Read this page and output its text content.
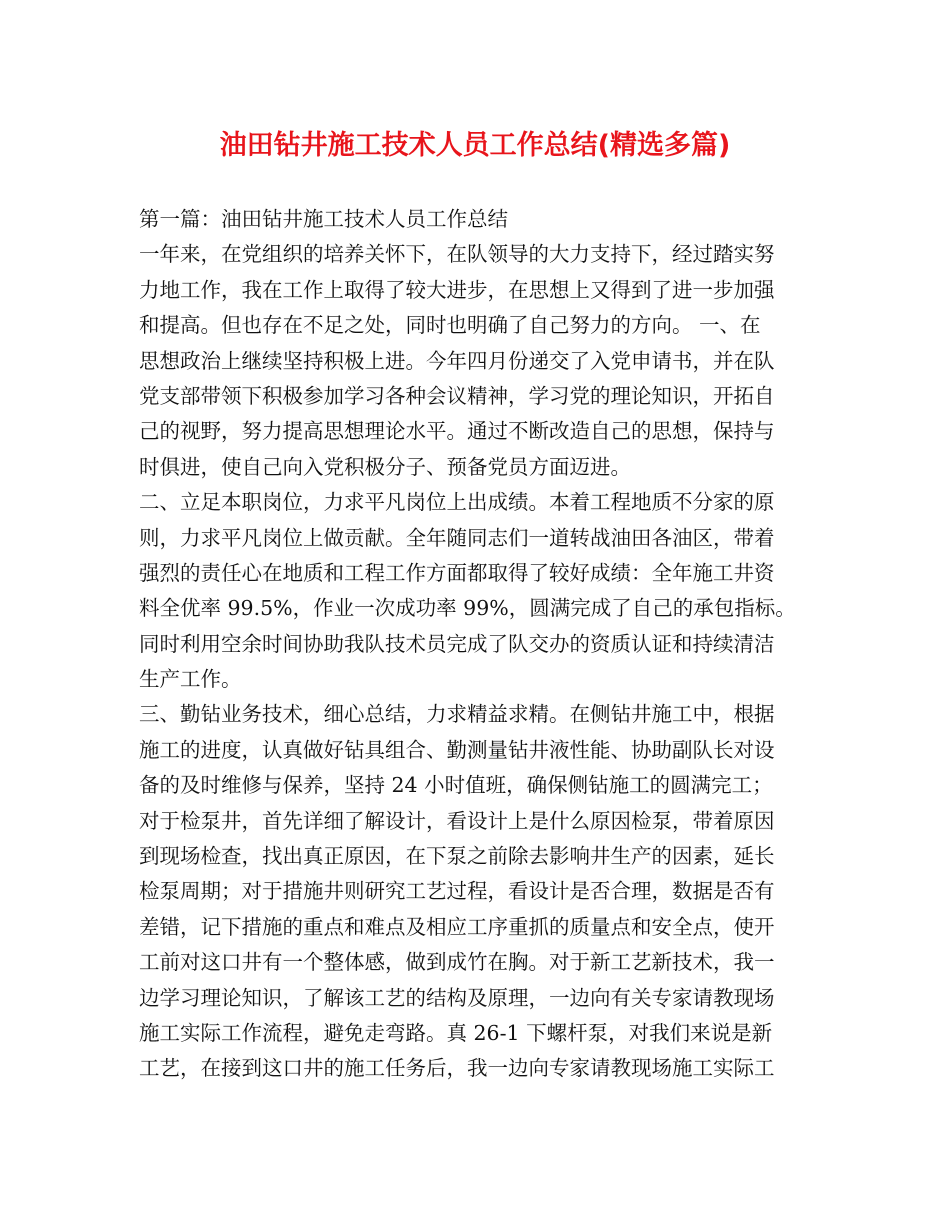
油田钻井施工技术人员工作总结(精选多篇)
第一篇：油田钻井施工技术人员工作总结
一年来，在党组织的培养关怀下，在队领导的大力支持下，经过踏实努
力地工作，我在工作上取得了较大进步，在思想上又得到了进一步加强
和提高。但也存在不足之处，同时也明确了自己努力的方向。 一、在
思想政治上继续坚持积极上进。今年四月份递交了入党申请书，并在队
党支部带领下积极参加学习各种会议精神，学习党的理论知识，开拓自
己的视野，努力提高思想理论水平。通过不断改造自己的思想，保持与
时俱进，使自己向入党积极分子、预备党员方面迈进。
二、立足本职岗位，力求平凡岗位上出成绩。本着工程地质不分家的原
则，力求平凡岗位上做贡献。全年随同志们一道转战油田各油区，带着
强烈的责任心在地质和工程工作方面都取得了较好成绩：全年施工井资
料全优率 99.5%，作业一次成功率 99%，圆满完成了自己的承包指标。
同时利用空余时间协助我队技术员完成了队交办的资质认证和持续清洁
生产工作。
三、勤钻业务技术，细心总结，力求精益求精。在侧钻井施工中，根据
施工的进度，认真做好钻具组合、勤测量钻井液性能、协助副队长对设
备的及时维修与保养，坚持 24 小时值班，确保侧钻施工的圆满完工；
对于检泵井，首先详细了解设计，看设计上是什么原因检泵，带着原因
到现场检查，找出真正原因，在下泵之前除去影响井生产的因素，延长
检泵周期；对于措施井则研究工艺过程，看设计是否合理，数据是否有
差错，记下措施的重点和难点及相应工序重抓的质量点和安全点，使开
工前对这口井有一个整体感，做到成竹在胸。对于新工艺新技术，我一
边学习理论知识，了解该工艺的结构及原理，一边向有关专家请教现场
施工实际工作流程，避免走弯路。真 26-1 下螺杆泵，对我们来说是新
工艺，在接到这口井的施工任务后，我一边向专家请教现场施工实际工
